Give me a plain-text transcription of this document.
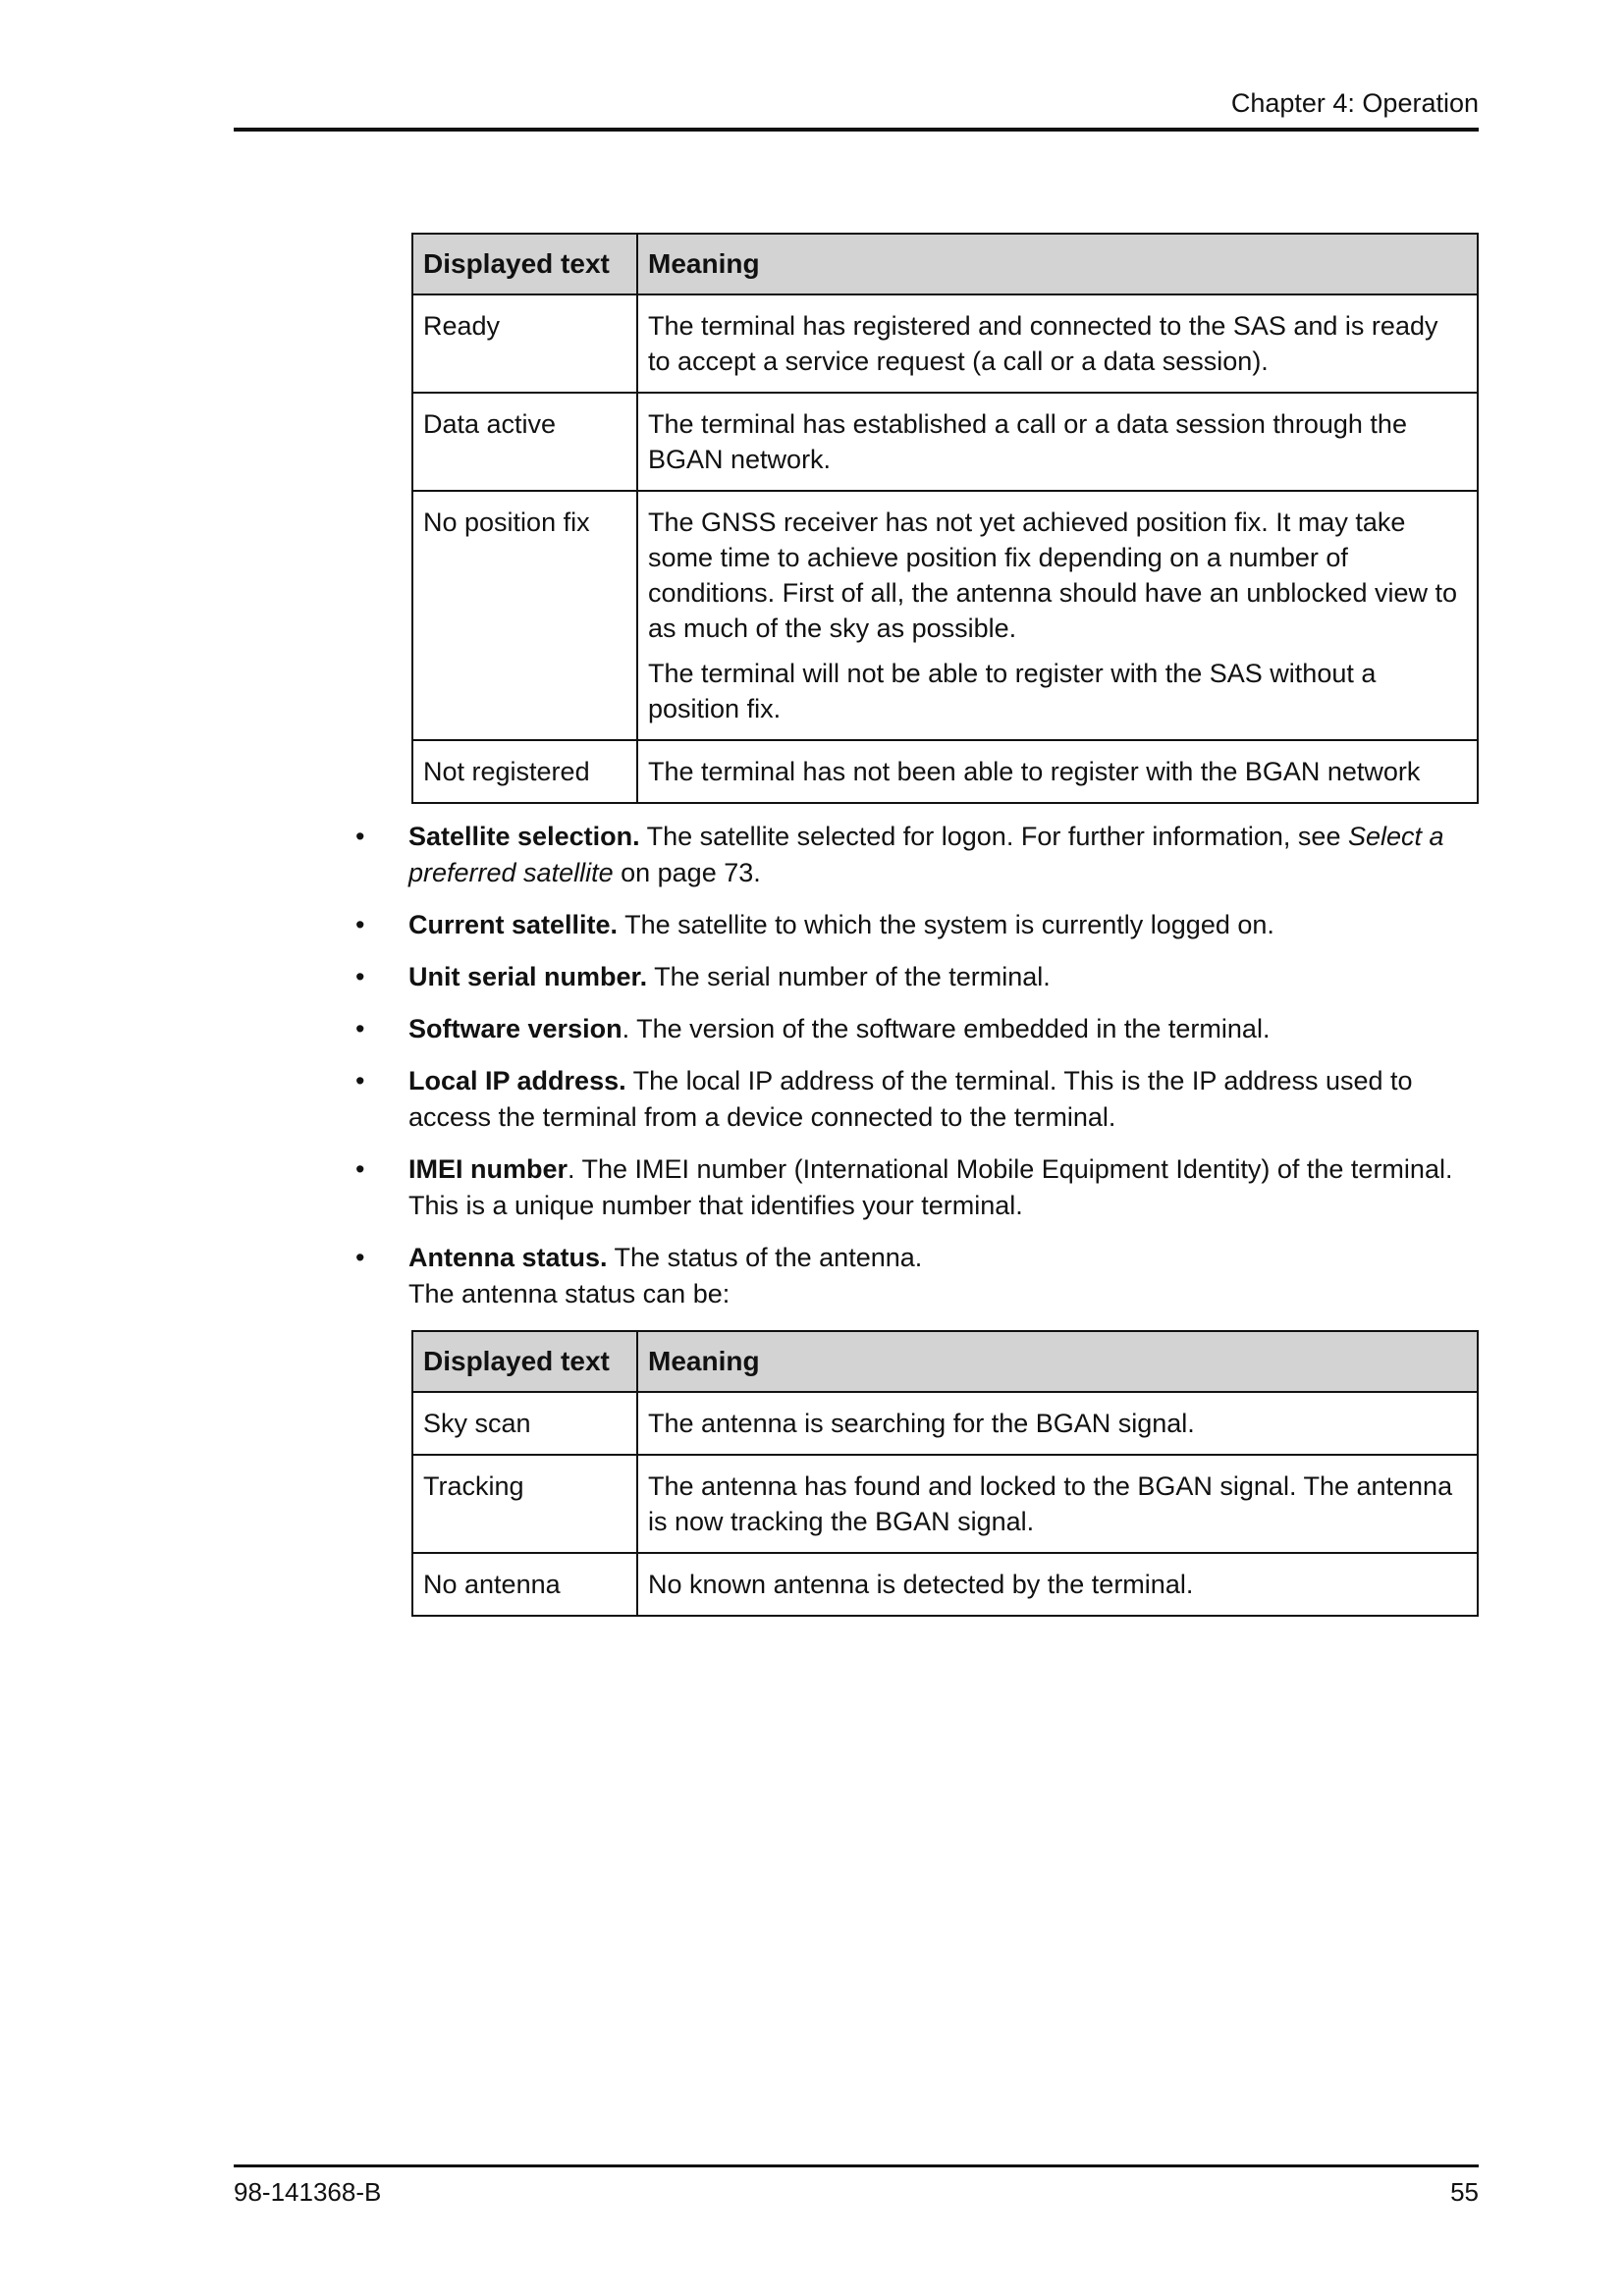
Chapter 4: Operation
Displayed text	Meaning
Ready	The terminal has registered and connected to the SAS and is ready to accept a service request (a call or a data session).

Data active	The terminal has established a call or a data session through the BGAN network.

No position fix	The GNSS receiver has not yet achieved position fix. It may take some time to achieve position fix depending on a number of conditions. First of all, the antenna should have an unblocked view to as much of the sky as possible.

The terminal will not be able to register with the SAS without a position fix.

Not registered	The terminal has not been able to register with the BGAN network

• Satellite selection. The satellite selected for logon. For further information, see Select a preferred satellite on page 73.
• Current satellite. The satellite to which the system is currently logged on.
• Unit serial number. The serial number of the terminal.
• Software version. The version of the software embedded in the terminal.
• Local IP address. The local IP address of the terminal. This is the IP address used to access the terminal from a device connected to the terminal.
• IMEI number. The IMEI number (International Mobile Equipment Identity) of the terminal. This is a unique number that identifies your terminal.
• Antenna status. The status of the antenna.
The antenna status can be:
Displayed text	Meaning
Sky scan	The antenna is searching for the BGAN signal.

Tracking	The antenna has found and locked to the BGAN signal. The antenna is now tracking the BGAN signal.

No antenna	No known antenna is detected by the terminal.

98-141368-B	55
